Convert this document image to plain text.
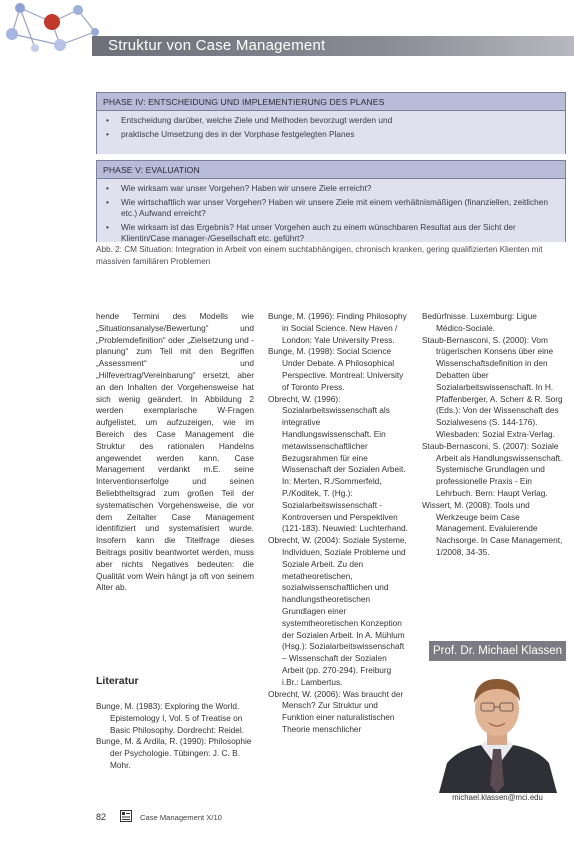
Struktur von Case Management
PHASE IV: ENTSCHEIDUNG UND IMPLEMENTIERUNG DES PLANES
• Entscheidung darüber, welche Ziele und Methoden bevorzugt werden und
• praktische Umsetzung des in der Vorphase festgelegten Planes
PHASE V: EVALUATION
• Wie wirksam war unser Vorgehen? Haben wir unsere Ziele erreicht?
• Wie wirtschaftlich war unser Vorgehen? Haben wir unsere Ziele mit einem verhältnismäßigen (finanziellen, zeitlichen etc.) Aufwand erreicht?
• Wie wirksam ist das Ergebnis? Hat unser Vorgehen auch zu einem wünschbaren Resultat aus der Sicht der Klientin/Case manager-/Gesellschaft etc. geführt?
Abb. 2: CM Situation: Integration in Arbeit von einem suchtabhängigen, chronisch kranken, gering qualifizierten Klienten mit massiven familiären Problemen

hende Termini des Modells wie „Situationsanalyse/Bewertung“ und „Problemdefinition“ oder „Zielsetzung und -planung“ zum Teil mit den Begriffen „Assessment“ und „Hilfevertrag/Vereinbarung“ ersetzt, aber an den Inhalten der Vorgehensweise hat sich wenig geändert. In Abbildung 2 werden exemplarische W-Fragen aufgelistet, um aufzuzeigen, wie im Bereich des Case Management die Struktur des rationalen Handelns angewendet werden kann. Case Management verdankt m.E. seine Interventionserfolge und seinen Beliebtheitsgrad zum großen Teil der systematischen Vorgehensweise, die vor dem Zeitalter Case Management identifiziert und systematisiert wurde. Insofern kann die Titelfrage dieses Beitrags positiv beantwortet werden, muss aber nichts Negatives bedeuten: die Qualität vom Wein hängt ja oft von seinem Alter ab.

Literatur

Bunge, M. (1983): Exploring the World. Epistemology I, Vol. 5 of Treatise on Basic Philosophy. Dordrecht: Reidel.

Bunge, M. & Ardila, R. (1990): Philosophie der Psychologie. Tübingen: J. C. B. Mohr.

Bunge, M. (1996): Finding Philosophy in Social Science. New Haven / London: Yale University Press.

Bunge, M. (1998): Social Science Under Debate. A Philosophical Perspective. Montreal: University of Toronto Press.

Obrecht, W. (1996): Sozialarbeitswissenschaft als integrative Handlungswissenschaft. Ein metawissenschaftlicher Bezugsrahmen für eine Wissenschaft der Sozialen Arbeit. In: Merten, R./Sommerfeld, P./Koditek, T. (Hg.): Sozialarbeitswissenschaft - Kontroversen und Perspektiven (121-183). Neuwied: Luchterhand.

Obrecht, W. (2004): Soziale Systeme, Individuen, Soziale Probleme und Soziale Arbeit. Zu den metatheoretischen, sozialwissenschaftlichen und handlungstheoretischen Grundlagen einer systemtheoretischen Konzeption der Sozialen Arbeit. In A. Mühlum (Hsg.): Sozialarbeitswissenschaft – Wissenschaft der Sozialen Arbeit (pp. 270-294). Freiburg i.Br.: Lambertus.

Obrecht, W. (2006): Was braucht der Mensch? Zur Struktur und Funktion einer naturalistischen Theorie menschlicher

Bedürfnisse. Luxemburg: Ligue Médico-Sociale.

Staub-Bernasconi, S. (2000): Vom trügerischen Konsens über eine Wissenschaftsdefinition in den Debatten über Sozialarbeitswissenschaft. In H. Pfaffenberger, A. Scherr & R. Sorg (Eds.): Von der Wissenschaft des Sozialwesens (S. 144-176). Wiesbaden: Sozial Extra-Verlag.

Staub-Bernasconi, S. (2007): Soziale Arbeit als Handlungswissenschaft. Systemische Grundlagen und professionelle Praxis - Ein Lehrbuch. Bern: Haupt Verlag.

Wissert, M. (2008): Tools und Werkzeuge beim Case Management. Evaluierende Nachsorge. In Case Management, 1/2008, 34-35.

Prof. Dr. Michael Klassen
michael.klassen@mci.edu
82	Case Management X/10
